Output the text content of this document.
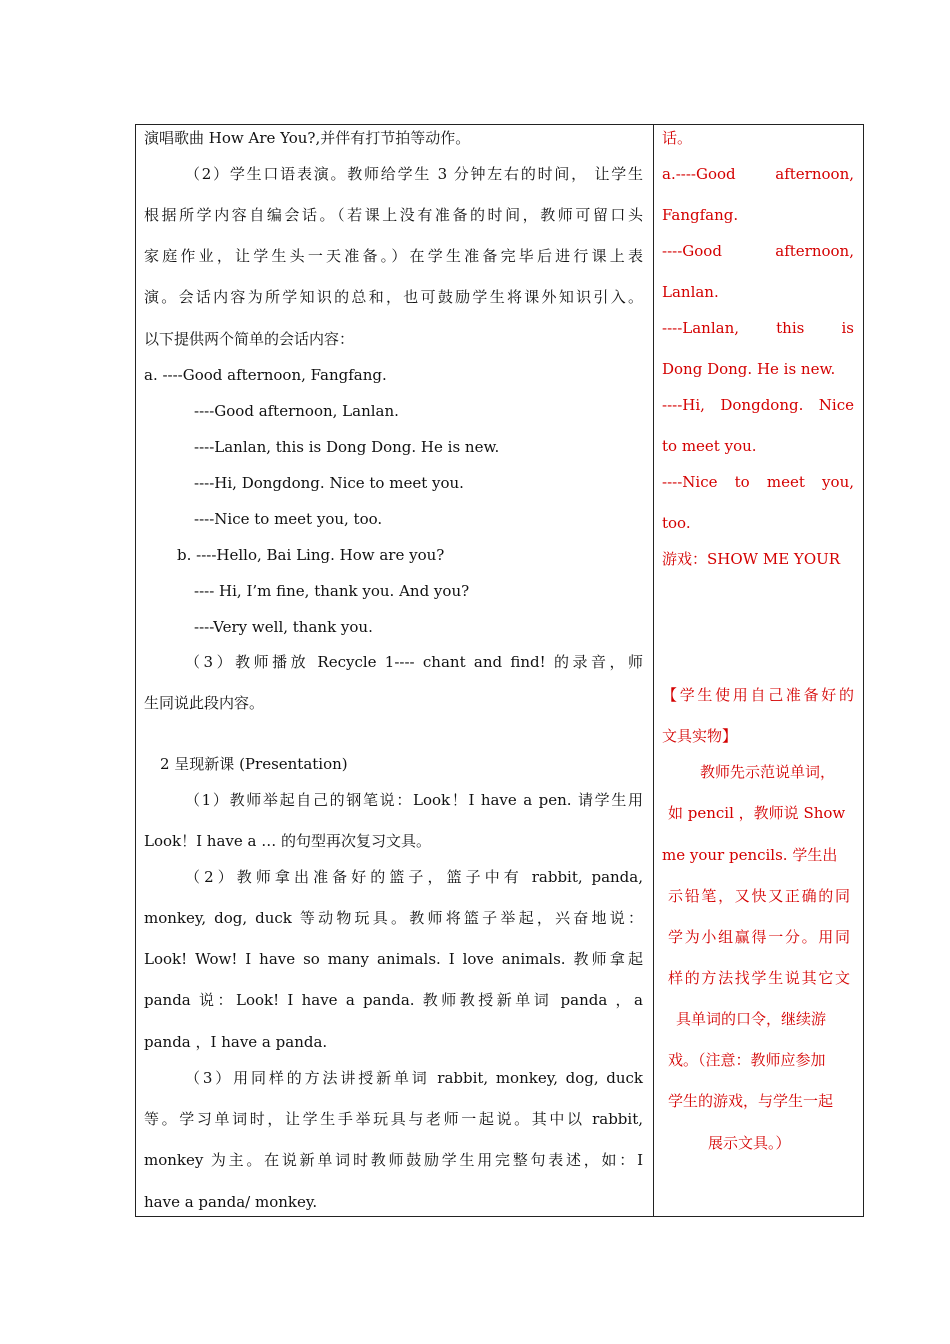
演唱歌曲 How Are You?,并伴有打节拍等动作。
（2）学生口语表演。教师给学生 3 分钟左右的时间， 让学生
根据所学内容自编会话。（若课上没有准备的时间，教师可留口头
家庭作业，让学生头一天准备。）在学生准备完毕后进行课上表
演。会话内容为所学知识的总和，也可鼓励学生将课外知识引入。
以下提供两个简单的会话内容：
a. ----Good afternoon, Fangfang.
----Good afternoon, Lanlan.
----Lanlan, this is Dong Dong. He is new.
----Hi, Dongdong. Nice to meet you.
----Nice to meet you, too.
b. ----Hello, Bai Ling. How are you?
---- Hi, I’m fine, thank you. And you?
----Very well, thank you.
（3）教师播放 Recycle 1---- chant and find! 的录音，师
生同说此段内容。
2 呈现新课 (Presentation)
（1）教师举起自己的钢笔说：Look！I have a pen. 请学生用
Look！I have a … 的句型再次复习文具。
（2）教师拿出准备好的篮子，篮子中有 rabbit, panda,
monkey, dog, duck 等动物玩具。教师将篮子举起，兴奋地说：
Look! Wow! I have so many animals. I love animals. 教师拿起
panda 说：Look! I have a panda. 教师教授新单词 panda ，a
panda ，I have a panda.
（3）用同样的方法讲授新单词 rabbit, monkey, dog, duck
等。学习单词时，让学生手举玩具与老师一起说。其中以 rabbit,
monkey 为主。在说新单词时教师鼓励学生用完整句表述，如：I
have a panda/ monkey.
话。
a.----Good afternoon,
Fangfang.
----Good afternoon,
Lanlan.
----Lanlan, this is
Dong Dong. He is new.
----Hi, Dongdong. Nice
to meet you.
----Nice to meet you,
too.
游戏：SHOW ME YOUR
【学生使用自己准备好的
文具实物】
教师先示范说单词，
如 pencil ，教师说 Show
me your pencils. 学生出
示铅笔，又快又正确的同
学为小组赢得一分。用同
样的方法找学生说其它文
具单词的口令，继续游
戏。（注意：教师应参加
学生的游戏，与学生一起
展示文具。）
